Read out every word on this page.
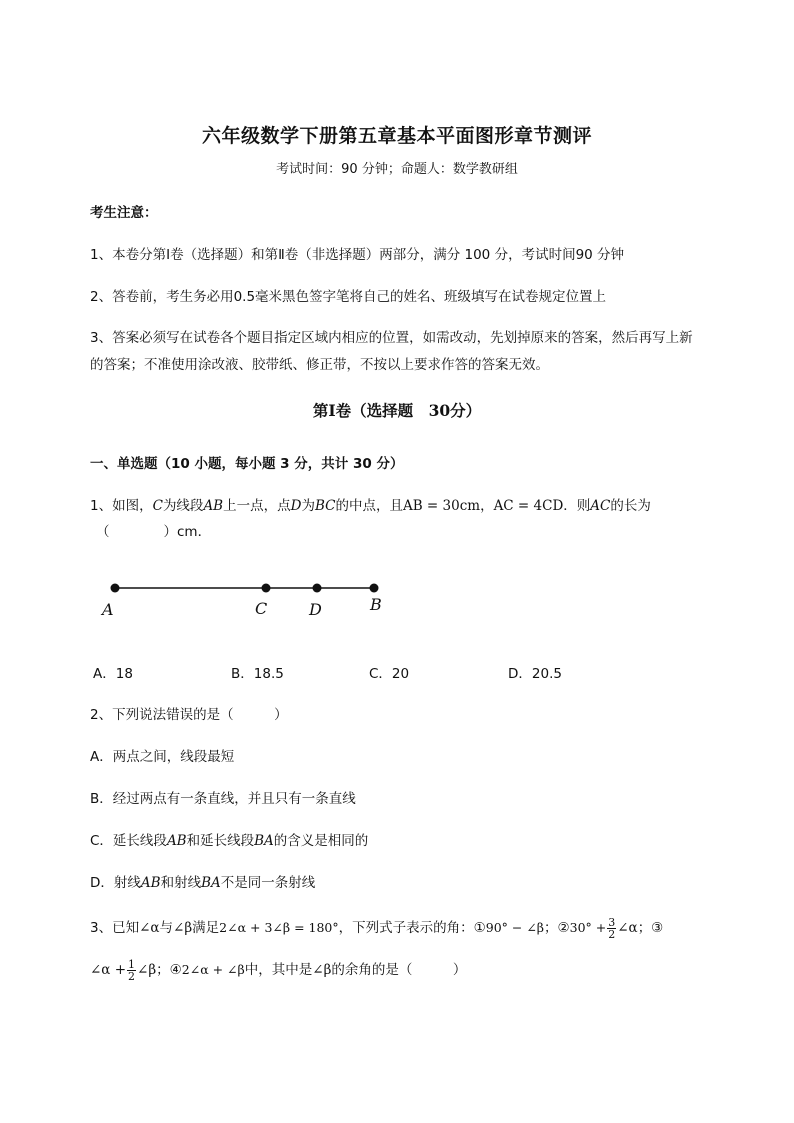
六年级数学下册第五章基本平面图形章节测评
考试时间：90 分钟；命题人：数学教研组
考生注意：
1、本卷分第Ⅰ卷（选择题）和第Ⅱ卷（非选择题）两部分，满分 100 分，考试时间90 分钟
2、答卷前，考生务必用0.5毫米黑色签字笔将自己的姓名、班级填写在试卷规定位置上
3、答案必须写在试卷各个题目指定区域内相应的位置，如需改动，先划掉原来的答案，然后再写上新
的答案；不准使用涂改液、胶带纸、修正带，不按以上要求作答的答案无效。
第Ⅰ卷（选择题　30分）
一、单选题（10 小题，每小题 3 分，共计 30 分）
1、如图，C为线段AB上一点，点D为BC的中点，且AB = 30cm，AC = 4CD．则AC的长为
（　　　　）cm．
A	C	D	B
A．18	B．18.5	C．20	D．20.5
2、下列说法错误的是（　　　）
A．两点之间，线段最短
B．经过两点有一条直线，并且只有一条直线
C．延长线段AB和延长线段BA的含义是相同的
D．射线AB和射线BA不是同一条射线
3、已知∠α与∠β满足2∠α + 3∠β = 180°，下列式子表示的角：①90° − ∠β；②30° + $\frac{3}{2}$ ∠α；③
∠α + $\frac{1}{2}$ ∠β；④2∠α + ∠β中，其中是∠β的余角的是（　　　）
